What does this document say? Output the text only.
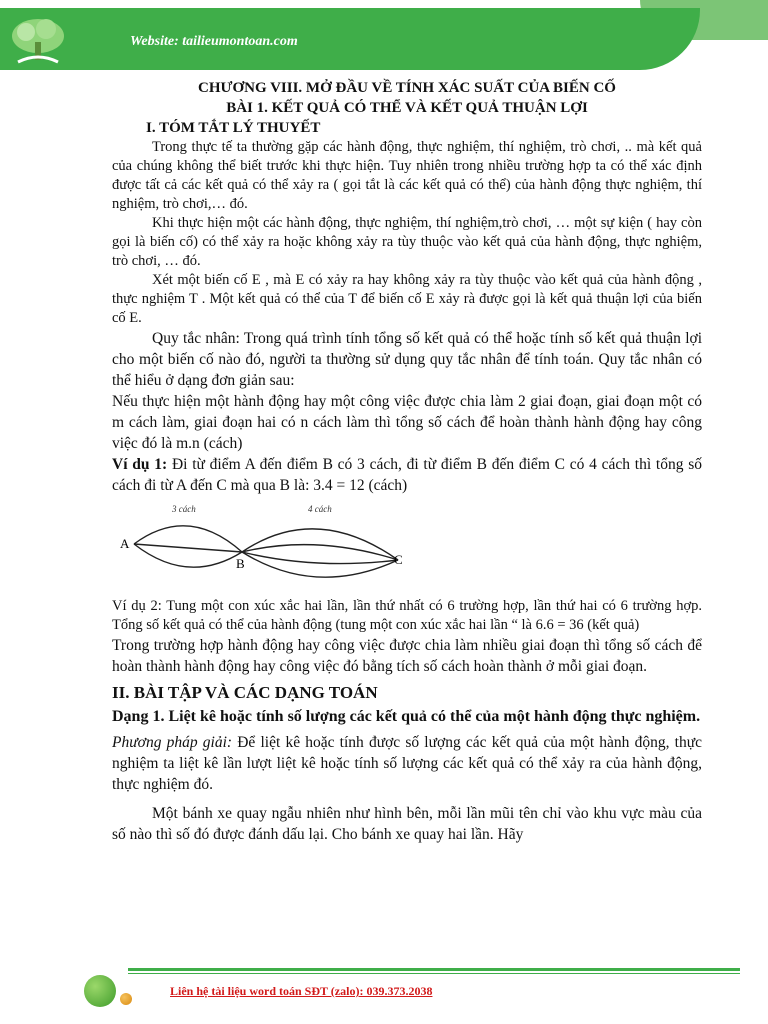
Website: tailieumontoan.com

CHƯƠNG VIII. MỞ ĐẦU VỀ TÍNH XÁC SUẤT CỦA BIẾN CỐ

BÀI 1. KẾT QUẢ CÓ THỂ VÀ KẾT QUẢ THUẬN LỢI

I. TÓM TẮT LÝ THUYẾT

Trong thực tế ta thường gặp các hành động, thực nghiệm, thí nghiệm, trò chơi, .. mà kết quả của chúng không thể biết trước khi thực hiện. Tuy nhiên trong nhiều trường hợp ta có thể xác định được tất cả các kết quả có thể xảy ra ( gọi tắt là các kết quả có thể) của hành động thực nghiệm, thí nghiệm, trò chơi,… đó.

Khi thực hiện một các hành động, thực nghiệm, thí nghiệm,trò chơi, … một sự kiện ( hay còn gọi là biến cố) có thể xảy ra hoặc không xảy ra tùy thuộc vào kết quả của hành động, thực nghiệm, trò chơi, … đó.

Xét một biến cố E , mà E có xảy ra hay không xảy ra tùy thuộc vào kết quả của hành động , thực nghiệm T . Một kết quả có thể của T để biến cố E xảy rà được gọi là kết quả thuận lợi của biến cố E.

Quy tắc nhân: Trong quá trình tính tổng số kết quả có thể hoặc tính số kết quả thuận lợi cho một biến cố nào đó, người ta thường sử dụng quy tắc nhân để tính toán. Quy tắc nhân có thể hiểu ở dạng đơn giản sau:

Nếu thực hiện một hành động hay một công việc được chia làm 2 giai đoạn, giai đoạn một có m cách làm, giai đoạn hai có n cách làm thì tổng số cách để hoàn thành hành động hay công việc đó là m.n (cách)

Ví dụ 1: Đi từ điểm A đến điểm B có 3 cách, đi từ điểm B đến điểm C có 4 cách thì tổng số cách đi từ A đến C mà qua B là: 3.4 = 12 (cách)

3 cách	4 cách
A
B	C

Ví dụ 2: Tung một con xúc xắc hai lần, lần thứ nhất có 6 trường hợp, lần thứ hai có 6 trường hợp. Tổng số kết quả có thể của hành động (tung một con xúc xắc hai lần “ là 6.6 = 36 (kết quả)

Trong trường hợp hành động hay công việc được chia làm nhiều giai đoạn thì tổng số cách để hoàn thành hành động hay công việc đó bằng tích số cách hoàn thành ở mỗi giai đoạn.

II. BÀI TẬP VÀ CÁC DẠNG TOÁN

Dạng 1. Liệt kê hoặc tính số lượng các kết quả có thể của một hành động thực nghiệm.

Phương pháp giải: Để liệt kê hoặc tính được số lượng các kết quả của một hành động, thực nghiệm ta liệt kê lần lượt liệt kê hoặc tính số lượng các kết quả có thể xảy ra của hành động, thực nghiệm đó.

Một bánh xe quay ngẫu nhiên như hình bên, mỗi lần mũi tên chỉ vào khu vực màu của số nào thì số đó được đánh dấu lại. Cho bánh xe quay hai lần. Hãy

Liên hệ tài liệu word toán SĐT (zalo): 039.373.2038
